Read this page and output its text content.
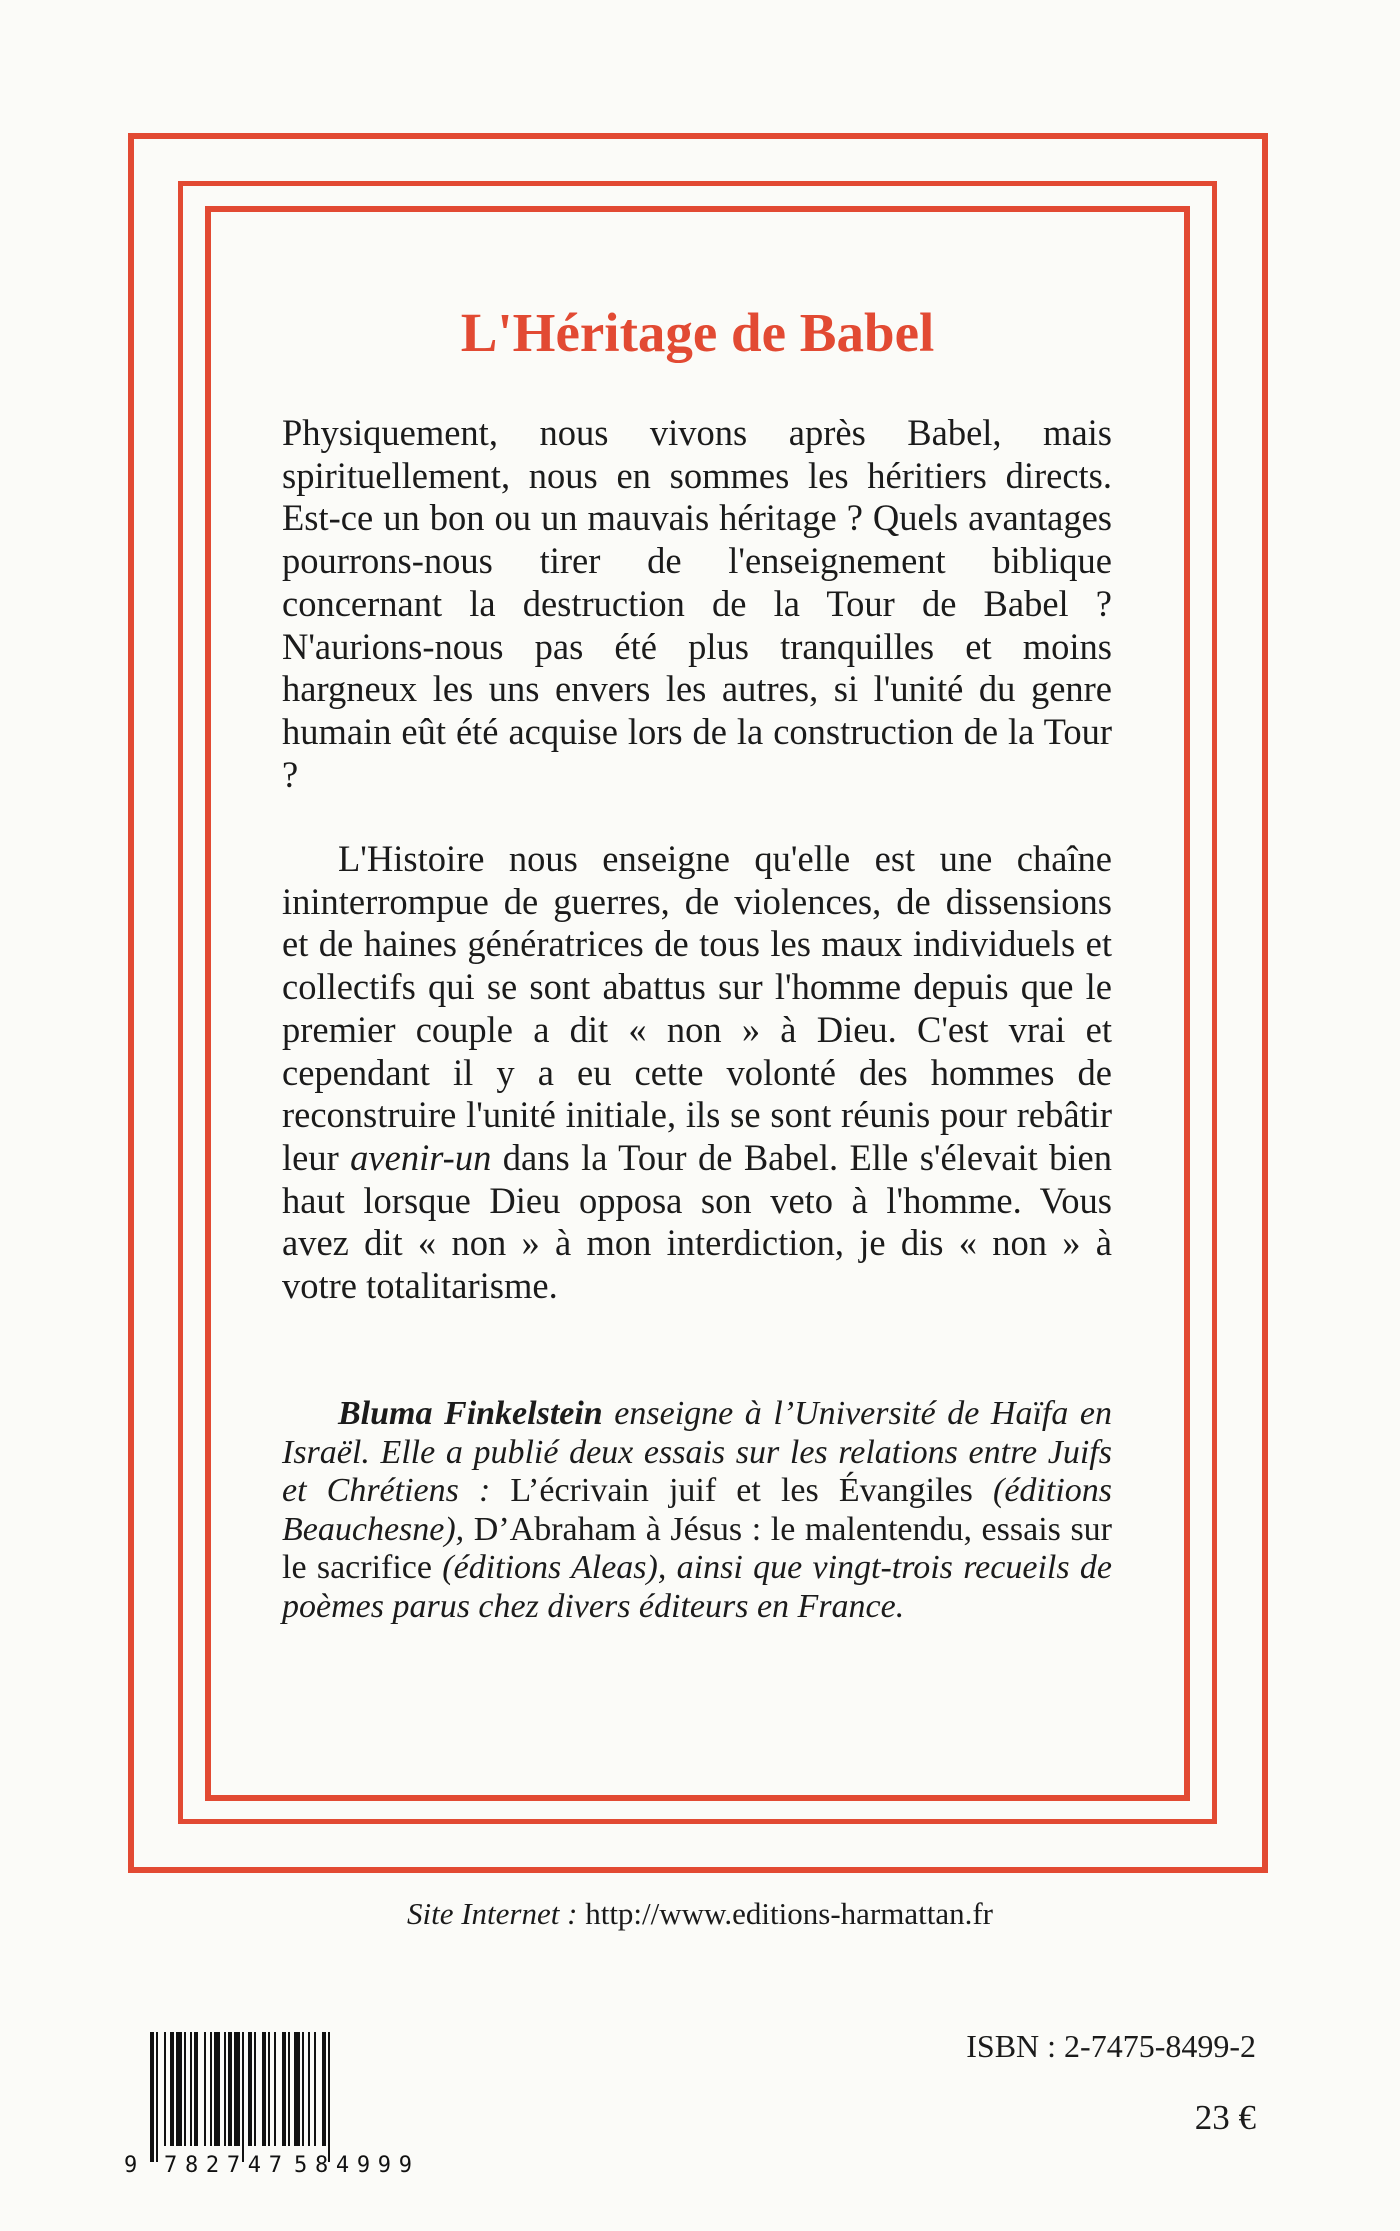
L'Héritage de Babel

Physiquement, nous vivons après Babel, mais spirituellement, nous en sommes les héritiers directs. Est-ce un bon ou un mauvais héritage ? Quels avantages pourrons-nous tirer de l'enseignement biblique concernant la destruction de la Tour de Babel ? N'aurions-nous pas été plus tranquilles et moins hargneux les uns envers les autres, si l'unité du genre humain eût été acquise lors de la construction de la Tour ?

L'Histoire nous enseigne qu'elle est une chaîne ininterrompue de guerres, de violences, de dissensions et de haines génératrices de tous les maux individuels et collectifs qui se sont abattus sur l'homme depuis que le premier couple a dit « non » à Dieu. C'est vrai et cependant il y a eu cette volonté des hommes de reconstruire l'unité initiale, ils se sont réunis pour rebâtir leur avenir-un dans la Tour de Babel. Elle s'élevait bien haut lorsque Dieu opposa son veto à l'homme. Vous avez dit « non » à mon interdiction, je dis « non » à votre totalitarisme.

Bluma Finkelstein enseigne à l’Université de Haïfa en Israël. Elle a publié deux essais sur les relations entre Juifs et Chrétiens : L’écrivain juif et les Évangiles (éditions Beauchesne), D’Abraham à Jésus : le malentendu, essais sur le sacrifice (éditions Aleas), ainsi que vingt-trois recueils de poèmes parus chez divers éditeurs en France.

Site Internet : http://www.editions-harmattan.fr
9 782747 584999
ISBN : 2-7475-8499-2
23 €
